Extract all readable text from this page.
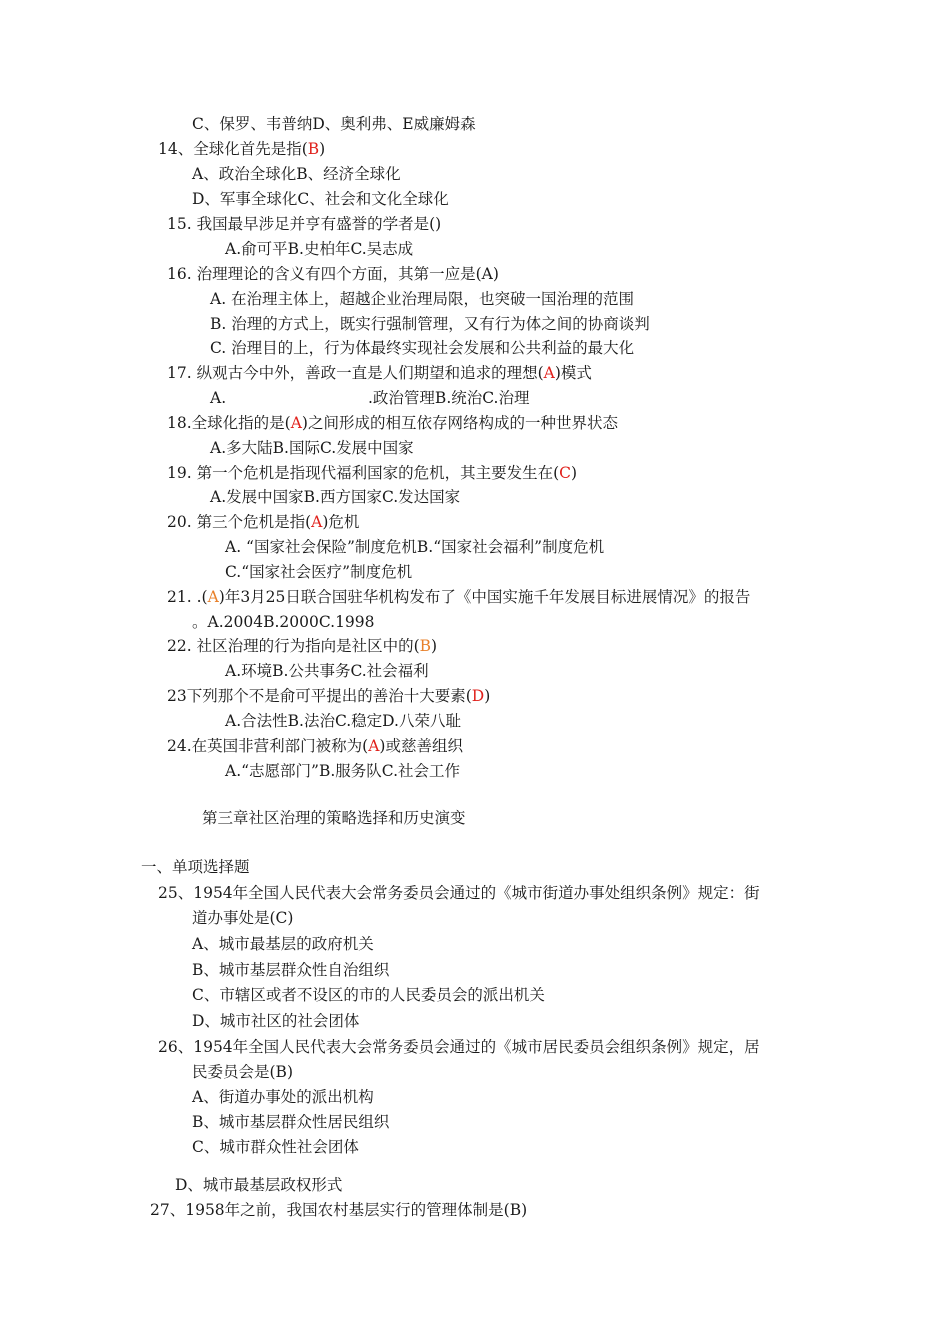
C、保罗、韦普纳D、奥利弗、E威廉姆森
14、全球化首先是指(B)
A、政治全球化B、经济全球化
D、军事全球化C、社会和文化全球化
15. 我国最早涉足并亨有盛誉的学者是()
A.俞可平B.史柏年C.吴志成
16. 治理理论的含义有四个方面，其第一应是(A)
A. 在治理主体上，超越企业治理局限，也突破一国治理的范围
B. 治理的方式上，既实行强制管理，又有行为体之间的协商谈判
C. 治理目的上，行为体最终实现社会发展和公共利益的最大化
17. 纵观古今中外，善政一直是人们期望和追求的理想(A)模式
A.	.政治管理B.统治C.治理
18.全球化指的是(A)之间形成的相互依存网络构成的一种世界状态
A.多大陆B.国际C.发展中国家
19. 第一个危机是指现代福利国家的危机，其主要发生在(C)
A.发展中国家B.西方国家C.发达国家
20. 第三个危机是指(A)危机
A. “国家社会保险”制度危机B.“国家社会福利”制度危机
C.“国家社会医疗”制度危机
21. .(A)年3月25日联合国驻华机构发布了《中国实施千年发展目标进展情况》的报告
。A.2004B.2000C.1998
22. 社区治理的行为指向是社区中的(B)
A.环境B.公共事务C.社会福利
23下列那个不是俞可平提出的善治十大要素(D)
A.合法性B.法治C.稳定D.八荣八耻
24.在英国非营利部门被称为(A)或慈善组织
A.“志愿部门”B.服务队C.社会工作
第三章社区治理的策略选择和历史演变
一、单项选择题
25、1954年全国人民代表大会常务委员会通过的《城市街道办事处组织条例》规定：街
道办事处是(C)
A、城市最基层的政府机关
B、城市基层群众性自治组织
C、市辖区或者不设区的市的人民委员会的派出机关
D、城市社区的社会团体
26、1954年全国人民代表大会常务委员会通过的《城市居民委员会组织条例》规定，居
民委员会是(B)
A、街道办事处的派出机构
B、城市基层群众性居民组织
C、城市群众性社会团体
D、城市最基层政权形式
27、1958年之前，我国农村基层实行的管理体制是(B)
